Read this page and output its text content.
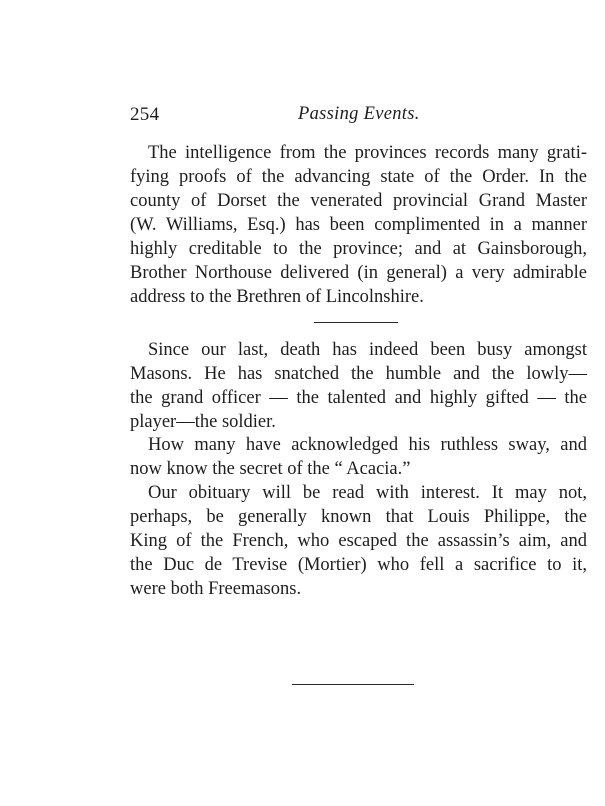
254	Passing Events.
The intelligence from the provinces records many grati-
fying proofs of the advancing state of the Order. In the
county of Dorset the venerated provincial Grand Master
(W. Williams, Esq.) has been complimented in a manner
highly creditable to the province; and at Gainsborough,
Brother Northouse delivered (in general) a very admirable
address to the Brethren of Lincolnshire.
Since our last, death has indeed been busy amongst
Masons. He has snatched the humble and the lowly—
the grand officer — the talented and highly gifted — the
player—the soldier.
How many have acknowledged his ruthless sway, and
now know the secret of the “ Acacia.”
Our obituary will be read with interest. It may not,
perhaps, be generally known that Louis Philippe, the
King of the French, who escaped the assassin’s aim, and
the Duc de Trevise (Mortier) who fell a sacrifice to it,
were both Freemasons.
